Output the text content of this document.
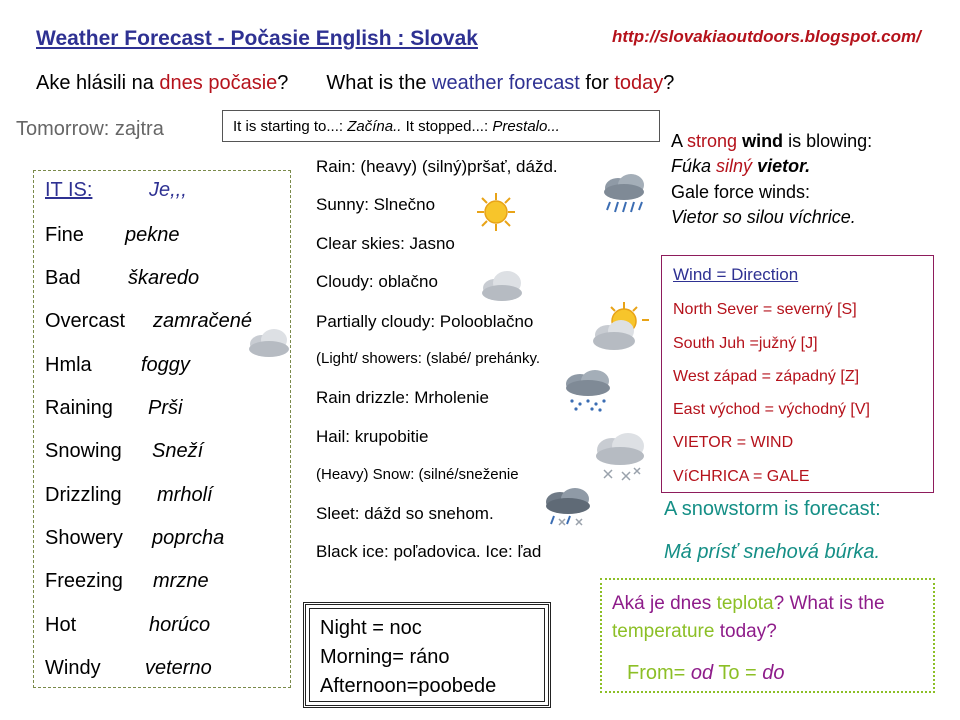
Weather Forecast - Počasie English : Slovak	http://slovakiaoutdoors.blogspot.com/
Ake hlásili na dnes počasie? What is the weather forecast for today?
Tomorrow: zajtra	It is starting to...: Začína.. It stopped...: Prestalo...
IT IS:	Je,,,
Fine pekne
Bad škaredo
Overcast zamračené
Hmla foggy
Raining Prši
Snowing Sneží
Drizzling mrholí
Showery poprcha
Freezing mrzne
Hot	horúco
Windy veterno
Rain: (heavy) (silný)pršať, dážd.
Sunny: Slnečno
Clear skies: Jasno
Cloudy: oblačno
Partially cloudy: Polooblačno
(Light/ showers: (slabé/ prehánky.
Rain drizzle: Mrholenie
Hail: krupobitie
(Heavy) Snow: (silné/sneženie
Sleet: dážd so snehom.
Black ice: poľadovica. Ice: ľad
A strong wind is blowing:
Fúka silný vietor.
Gale force winds:
Vietor so silou víchrice.
Wind = Direction
North Sever = severný [S]
South Juh =južný [J]
West západ = západný [Z]
East východ = východný [V]
VIETOR = WIND
VíCHRICA = GALE
A snowstorm is forecast:
Má prísť snehová búrka.
Aká je dnes teplota? What is the temperature today?
From= od To = do
Night = noc
Morning= ráno
Afternoon=poobede
